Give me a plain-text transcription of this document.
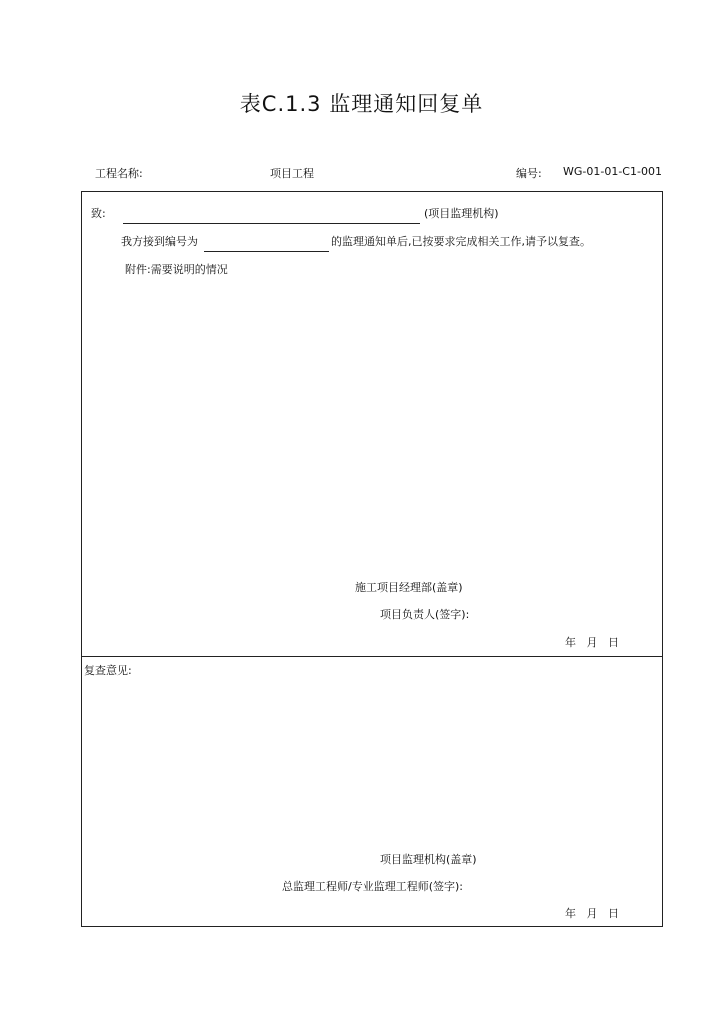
表C.1.3 监理通知回复单
工程名称:	项目工程	编号: WG-01-01-C1-001
致:	(项目监理机构)
我方接到编号为	的监理通知单后,已按要求完成相关工作,请予以复查。
附件:需要说明的情况
施工项目经理部(盖章)
项目负责人(签字):
年   月   日
复查意见:
项目监理机构(盖章)
总监理工程师/专业监理工程师(签字):
年   月   日
